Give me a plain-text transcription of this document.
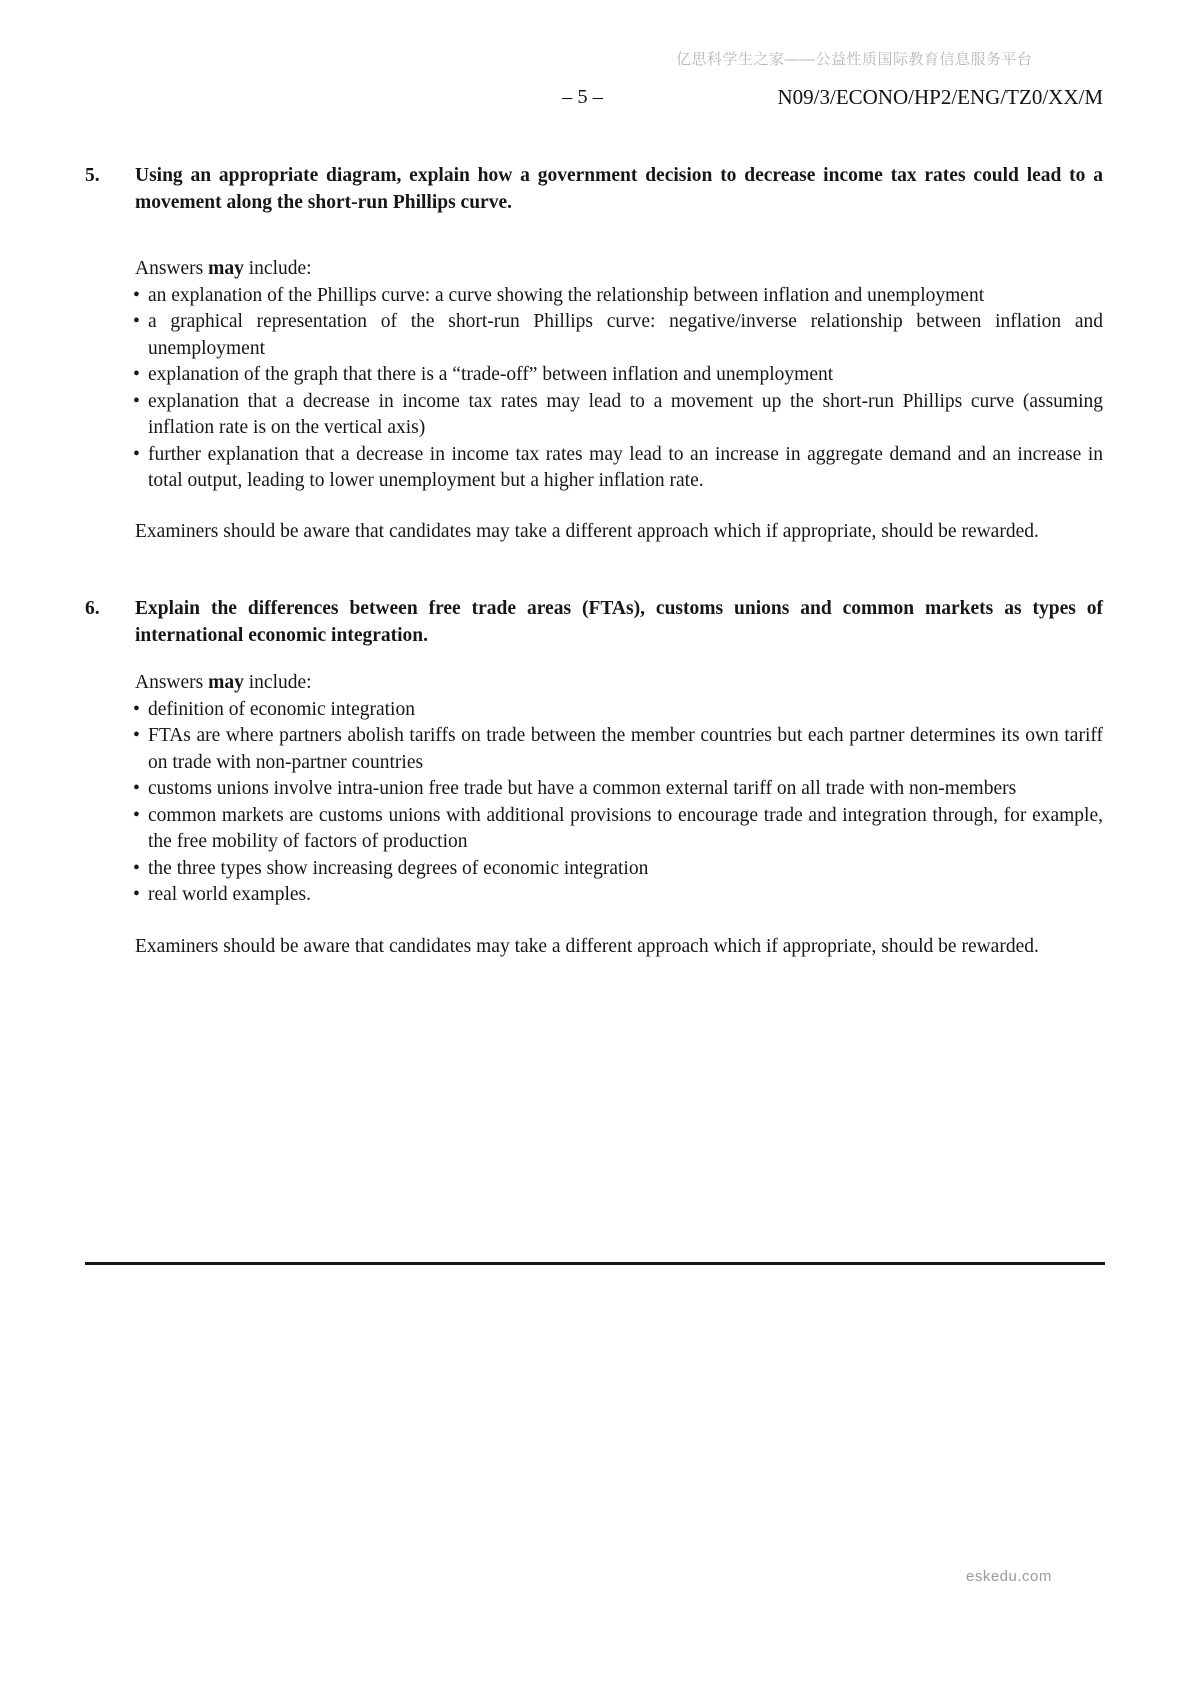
亿思科学生之家——公益性质国际教育信息服务平台
– 5 –	N09/3/ECONO/HP2/ENG/TZ0/XX/M
5.	Using an appropriate diagram, explain how a government decision to decrease income tax rates could lead to a movement along the short-run Phillips curve.
Answers may include:
• an explanation of the Phillips curve: a curve showing the relationship between inflation and unemployment
• a graphical representation of the short-run Phillips curve: negative/inverse relationship between inflation and unemployment
• explanation of the graph that there is a “trade-off” between inflation and unemployment
• explanation that a decrease in income tax rates may lead to a movement up the short-run Phillips curve (assuming inflation rate is on the vertical axis)
• further explanation that a decrease in income tax rates may lead to an increase in aggregate demand and an increase in total output, leading to lower unemployment but a higher inflation rate.
Examiners should be aware that candidates may take a different approach which if appropriate, should be rewarded.
6.	Explain the differences between free trade areas (FTAs), customs unions and common markets as types of international economic integration.
Answers may include:
• definition of economic integration
• FTAs are where partners abolish tariffs on trade between the member countries but each partner determines its own tariff on trade with non-partner countries
• customs unions involve intra-union free trade but have a common external tariff on all trade with non-members
• common markets are customs unions with additional provisions to encourage trade and integration through, for example, the free mobility of factors of production
• the three types show increasing degrees of economic integration
• real world examples.
Examiners should be aware that candidates may take a different approach which if appropriate, should be rewarded.
eskedu.com
